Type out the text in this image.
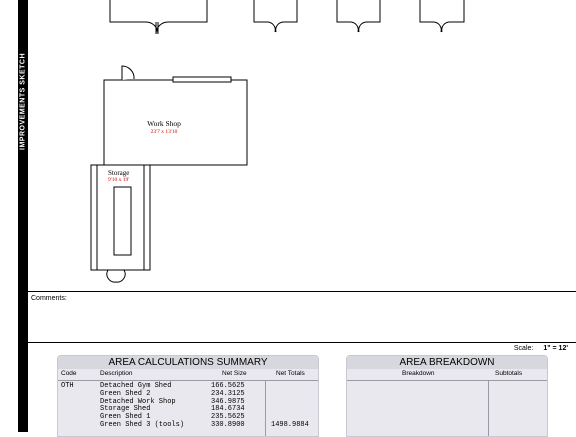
IMPROVEMENTS SKETCH	Work Shop
23'7 x 13'10
Storage
9'10 x 19'
Comments:
Scale: 1" = 12'
AREA CALCULATIONS SUMMARY
Code	Description	Net Size	Net Totals
OTH	Detached Gym Shed	166.5625
Green Shed 2	234.3125
Detached Work Shop	346.9875
Storage Shed	184.6734
Green Shed 1	235.5625
Green Shed 3 (tools)	330.8900	1498.9884
AREA BREAKDOWN
Breakdown	Subtotals
